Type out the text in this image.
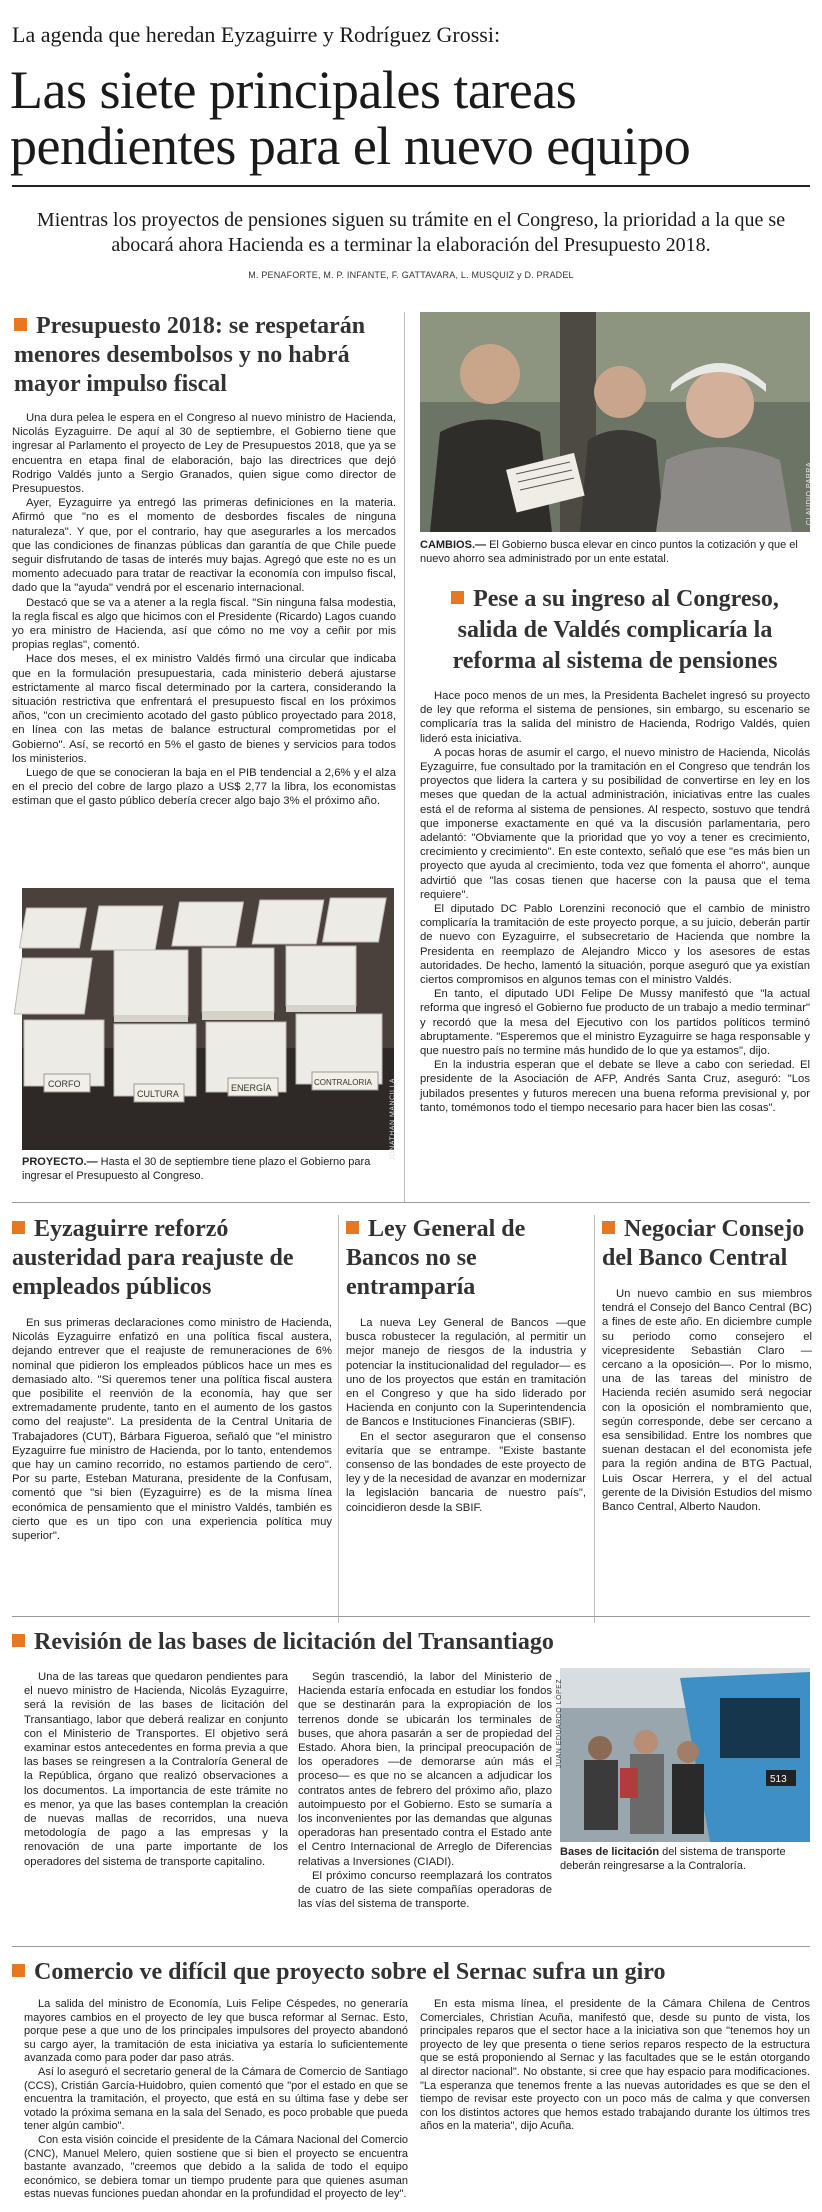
La agenda que heredan Eyzaguirre y Rodríguez Grossi:
Las siete principales tareas
pendientes para el nuevo equipo
Mientras los proyectos de pensiones siguen su trámite en el Congreso, la prioridad a la que se abocará ahora Hacienda es a terminar la elaboración del Presupuesto 2018.
M. PENAFORTE, M. P. INFANTE, F. GATTAVARA, L. MUSQUIZ y D. PRADEL
Presupuesto 2018: se respetarán menores desembolsos y no habrá mayor impulso fiscal

Una dura pelea le espera en el Congreso al nuevo ministro de Hacienda, Nicolás Eyzaguirre. De aquí al 30 de septiembre, el Gobierno tiene que ingresar al Parlamento el proyecto de Ley de Presupuestos 2018, que ya se encuentra en etapa final de elaboración, bajo las directrices que dejó Rodrigo Valdés junto a Sergio Granados, quien sigue como director de Presupuestos.

Ayer, Eyzaguirre ya entregó las primeras definiciones en la materia. Afirmó que "no es el momento de desbordes fiscales de ninguna naturaleza". Y que, por el contrario, hay que asegurarles a los mercados que las condiciones de finanzas públicas dan garantía de que Chile puede seguir disfrutando de tasas de interés muy bajas. Agregó que este no es un momento adecuado para tratar de reactivar la economía con impulso fiscal, dado que la "ayuda" vendrá por el escenario internacional.

Destacó que se va a atener a la regla fiscal. "Sin ninguna falsa modestia, la regla fiscal es algo que hicimos con el Presidente (Ricardo) Lagos cuando yo era ministro de Hacienda, así que cómo no me voy a ceñir por mis propias reglas", comentó.

Hace dos meses, el ex ministro Valdés firmó una circular que indicaba que en la formulación presupuestaria, cada ministerio deberá ajustarse estrictamente al marco fiscal determinado por la cartera, considerando la situación restrictiva que enfrentará el presupuesto fiscal en los próximos años, "con un crecimiento acotado del gasto público proyectado para 2018, en línea con las metas de balance estructural comprometidas por el Gobierno". Así, se recortó en 5% el gasto de bienes y servicios para todos los ministerios.

Luego de que se conocieran la baja en el PIB tendencial a 2,6% y el alza en el precio del cobre de largo plazo a US$ 2,77 la libra, los economistas estiman que el gasto público debería crecer algo bajo 3% el próximo año.

CORFO
CULTURA
ENERGÍA
CONTRALORIA	JONATHAN MANCILLA
PROYECTO.— Hasta el 30 de septiembre tiene plazo el Gobierno para ingresar el Presupuesto al Congreso.
CLAUDIO PARRA
CAMBIOS.— El Gobierno busca elevar en cinco puntos la cotización y que el nuevo ahorro sea administrado por un ente estatal.
Pese a su ingreso al Congreso, salida de Valdés complicaría la reforma al sistema de pensiones

Hace poco menos de un mes, la Presidenta Bachelet ingresó su proyecto de ley que reforma el sistema de pensiones, sin embargo, su escenario se complicaría tras la salida del ministro de Hacienda, Rodrigo Valdés, quien lideró esta iniciativa.

A pocas horas de asumir el cargo, el nuevo ministro de Hacienda, Nicolás Eyzaguirre, fue consultado por la tramitación en el Congreso que tendrán los proyectos que lidera la cartera y su posibilidad de convertirse en ley en los meses que quedan de la actual administración, iniciativas entre las cuales está el de reforma al sistema de pensiones. Al respecto, sostuvo que tendrá que imponerse exactamente en qué va la discusión parlamentaria, pero adelantó: "Obviamente que la prioridad que yo voy a tener es crecimiento, crecimiento y crecimiento". En este contexto, señaló que ese "es más bien un proyecto que ayuda al crecimiento, toda vez que fomenta el ahorro", aunque advirtió que "las cosas tienen que hacerse con la pausa que el tema requiere".

El diputado DC Pablo Lorenzini reconoció que el cambio de ministro complicaría la tramitación de este proyecto porque, a su juicio, deberán partir de nuevo con Eyzaguirre, el subsecretario de Hacienda que nombre la Presidenta en reemplazo de Alejandro Micco y los asesores de estas autoridades. De hecho, lamentó la situación, porque aseguró que ya existían ciertos compromisos en algunos temas con el ministro Valdés.

En tanto, el diputado UDI Felipe De Mussy manifestó que "la actual reforma que ingresó el Gobierno fue producto de un trabajo a medio terminar" y recordó que la mesa del Ejecutivo con los partidos políticos terminó abruptamente. "Esperemos que el ministro Eyzaguirre se haga responsable y que nuestro país no termine más hundido de lo que ya estamos", dijo.

En la industria esperan que el debate se lleve a cabo con seriedad. El presidente de la Asociación de AFP, Andrés Santa Cruz, aseguró: "Los jubilados presentes y futuros merecen una buena reforma previsional y, por tanto, tomémonos todo el tiempo necesario para hacer bien las cosas".

Eyzaguirre reforzó austeridad para reajuste de empleados públicos

En sus primeras declaraciones como ministro de Hacienda, Nicolás Eyzaguirre enfatizó en una política fiscal austera, dejando entrever que el reajuste de remuneraciones de 6% nominal que pidieron los empleados públicos hace un mes es demasiado alto. "Si queremos tener una política fiscal austera que posibilite el reenvión de la economía, hay que ser extremadamente prudente, tanto en el aumento de los gastos como del reajuste". La presidenta de la Central Unitaria de Trabajadores (CUT), Bárbara Figueroa, señaló que "el ministro Eyzaguirre fue ministro de Hacienda, por lo tanto, entendemos que hay un camino recorrido, no estamos partiendo de cero". Por su parte, Esteban Maturana, presidente de la Confusam, comentó que "si bien (Eyzaguirre) es de la misma línea económica de pensamiento que el ministro Valdés, también es cierto que es un tipo con una experiencia política muy superior".

Ley General de Bancos no se entramparía

La nueva Ley General de Bancos —que busca robustecer la regulación, al permitir un mejor manejo de riesgos de la industria y potenciar la institucionalidad del regulador— es uno de los proyectos que están en tramitación en el Congreso y que ha sido liderado por Hacienda en conjunto con la Superintendencia de Bancos e Instituciones Financieras (SBIF).

En el sector aseguraron que el consenso evitaría que se entrampe. "Existe bastante consenso de las bondades de este proyecto de ley y de la necesidad de avanzar en modernizar la legislación bancaria de nuestro país", coincidieron desde la SBIF.

Negociar Consejo del Banco Central

Un nuevo cambio en sus miembros tendrá el Consejo del Banco Central (BC) a fines de este año. En diciembre cumple su periodo como consejero el vicepresidente Sebastián Claro —cercano a la oposición—. Por lo mismo, una de las tareas del ministro de Hacienda recién asumido será negociar con la oposición el nombramiento que, según corresponde, debe ser cercano a esa sensibilidad. Entre los nombres que suenan destacan el del economista jefe para la región andina de BTG Pactual, Luis Oscar Herrera, y el del actual gerente de la División Estudios del mismo Banco Central, Alberto Naudon.

Revisión de las bases de licitación del Transantiago

Una de las tareas que quedaron pendientes para el nuevo ministro de Hacienda, Nicolás Eyzaguirre, será la revisión de las bases de licitación del Transantiago, labor que deberá realizar en conjunto con el Ministerio de Transportes. El objetivo será examinar estos antecedentes en forma previa a que las bases se reingresen a la Contraloría General de la República, órgano que realizó observaciones a los documentos. La importancia de este trámite no es menor, ya que las bases contemplan la creación de nuevas mallas de recorridos, una nueva metodología de pago a las empresas y la renovación de una parte importante de los operadores del sistema de transporte capitalino.

Según trascendió, la labor del Ministerio de Hacienda estaría enfocada en estudiar los fondos que se destinarán para la expropiación de los terrenos donde se ubicarán los terminales de buses, que ahora pasarán a ser de propiedad del Estado. Ahora bien, la principal preocupación de los operadores —de demorarse aún más el proceso— es que no se alcancen a adjudicar los contratos antes de febrero del próximo año, plazo autoimpuesto por el Gobierno. Esto se sumaría a los inconvenientes por las demandas que algunas operadoras han presentado contra el Estado ante el Centro Internacional de Arreglo de Diferencias relativas a Inversiones (CIADI).

El próximo concurso reemplazará los contratos de cuatro de las siete compañías operadoras de las vías del sistema de transporte.

513
JUAN EDUARDO LÓPEZ
Bases de licitación del sistema de transporte deberán reingresarse a la Contraloría.
Comercio ve difícil que proyecto sobre el Sernac sufra un giro

La salida del ministro de Economía, Luis Felipe Céspedes, no generaría mayores cambios en el proyecto de ley que busca reformar al Sernac. Esto, porque pese a que uno de los principales impulsores del proyecto abandonó su cargo ayer, la tramitación de esta iniciativa ya estaría lo suficientemente avanzada como para poder dar paso atrás.

Así lo aseguró el secretario general de la Cámara de Comercio de Santiago (CCS), Cristián García-Huidobro, quien comentó que "por el estado en que se encuentra la tramitación, el proyecto, que está en su última fase y debe ser votado la próxima semana en la sala del Senado, es poco probable que pueda tener algún cambio".

Con esta visión coincide el presidente de la Cámara Nacional del Comercio (CNC), Manuel Melero, quien sostiene que si bien el proyecto se encuentra bastante avanzado, "creemos que debido a la salida de todo el equipo económico, se debiera tomar un tiempo prudente para que quienes asuman estas nuevas funciones puedan ahondar en la profundidad el proyecto de ley".

En esta misma línea, el presidente de la Cámara Chilena de Centros Comerciales, Christian Acuña, manifestó que, desde su punto de vista, los principales reparos que el sector hace a la iniciativa son que "tenemos hoy un proyecto de ley que presenta o tiene serios reparos respecto de la estructura que se está proponiendo al Sernac y las facultades que se le están otorgando al director nacional". No obstante, si cree que hay espacio para modificaciones. "La esperanza que tenemos frente a las nuevas autoridades es que se den el tiempo de revisar este proyecto con un poco más de calma y que conversen con los distintos actores que hemos estado trabajando durante los últimos tres años en la materia", dijo Acuña.
